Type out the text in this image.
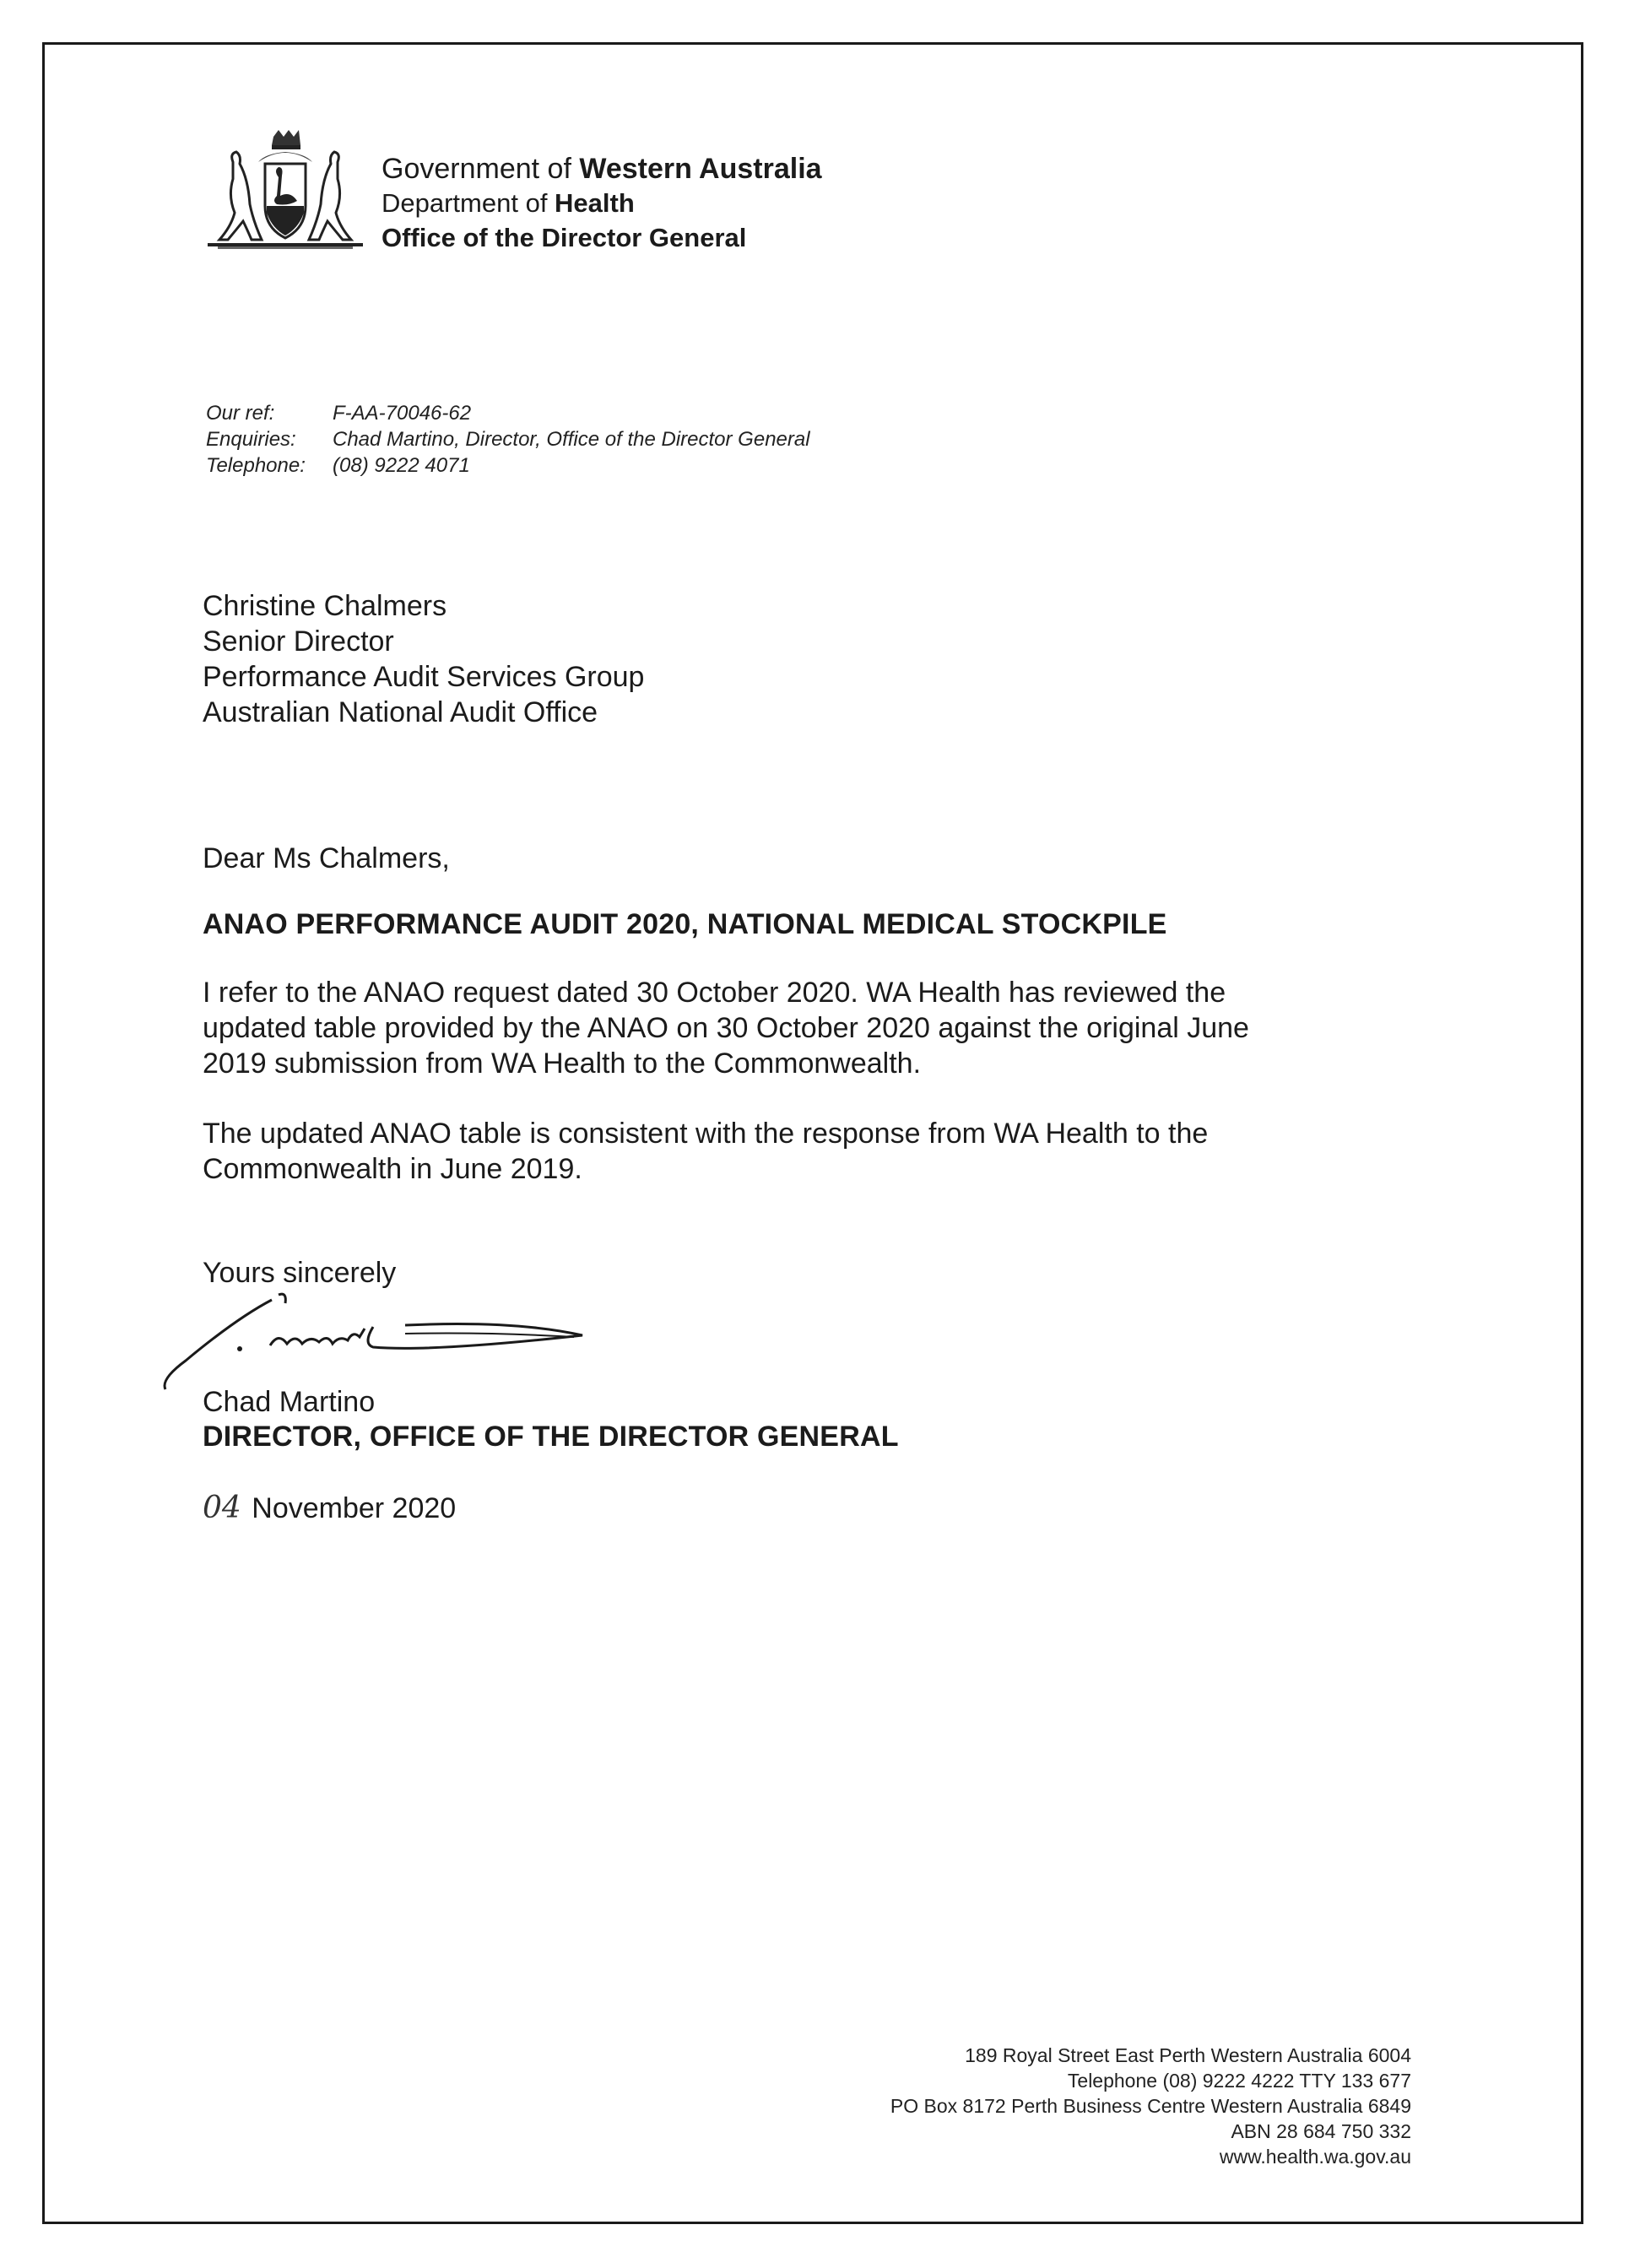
Government of Western Australia
Department of Health
Office of the Director General
Our ref:	F-AA-70046-62
Enquiries: Chad Martino, Director, Office of the Director General
Telephone: (08) 9222 4071
Christine Chalmers
Senior Director
Performance Audit Services Group
Australian National Audit Office
Dear Ms Chalmers,
ANAO PERFORMANCE AUDIT 2020, NATIONAL MEDICAL STOCKPILE
I refer to the ANAO request dated 30 October 2020. WA Health has reviewed the
updated table provided by the ANAO on 30 October 2020 against the original June
2019 submission from WA Health to the Commonwealth.
The updated ANAO table is consistent with the response from WA Health to the
Commonwealth in June 2019.
Yours sincerely
Chad Martino
DIRECTOR, OFFICE OF THE DIRECTOR GENERAL
04 November 2020
189 Royal Street East Perth Western Australia 6004
Telephone (08) 9222 4222 TTY 133 677
PO Box 8172 Perth Business Centre Western Australia 6849
ABN 28 684 750 332
www.health.wa.gov.au
